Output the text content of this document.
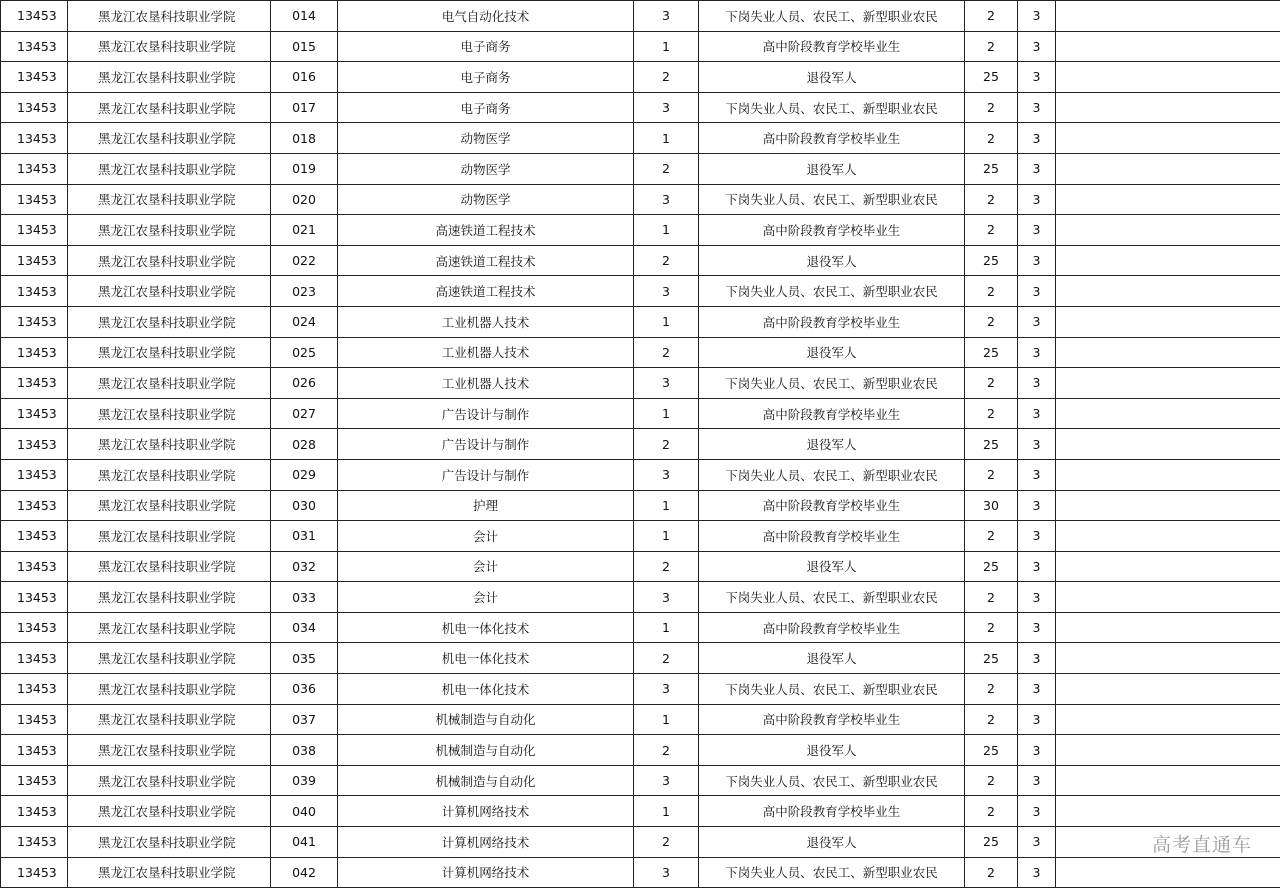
13453	黑龙江农垦科技职业学院	014	电气自动化技术	3	下岗失业人员、农民工、新型职业农民	2	3	
13453	黑龙江农垦科技职业学院	015	电子商务	1	高中阶段教育学校毕业生	2	3	
13453	黑龙江农垦科技职业学院	016	电子商务	2	退役军人	25	3	
13453	黑龙江农垦科技职业学院	017	电子商务	3	下岗失业人员、农民工、新型职业农民	2	3	
13453	黑龙江农垦科技职业学院	018	动物医学	1	高中阶段教育学校毕业生	2	3	
13453	黑龙江农垦科技职业学院	019	动物医学	2	退役军人	25	3	
13453	黑龙江农垦科技职业学院	020	动物医学	3	下岗失业人员、农民工、新型职业农民	2	3	
13453	黑龙江农垦科技职业学院	021	高速铁道工程技术	1	高中阶段教育学校毕业生	2	3	
13453	黑龙江农垦科技职业学院	022	高速铁道工程技术	2	退役军人	25	3	
13453	黑龙江农垦科技职业学院	023	高速铁道工程技术	3	下岗失业人员、农民工、新型职业农民	2	3	
13453	黑龙江农垦科技职业学院	024	工业机器人技术	1	高中阶段教育学校毕业生	2	3	
13453	黑龙江农垦科技职业学院	025	工业机器人技术	2	退役军人	25	3	
13453	黑龙江农垦科技职业学院	026	工业机器人技术	3	下岗失业人员、农民工、新型职业农民	2	3	
13453	黑龙江农垦科技职业学院	027	广告设计与制作	1	高中阶段教育学校毕业生	2	3	
13453	黑龙江农垦科技职业学院	028	广告设计与制作	2	退役军人	25	3	
13453	黑龙江农垦科技职业学院	029	广告设计与制作	3	下岗失业人员、农民工、新型职业农民	2	3	
13453	黑龙江农垦科技职业学院	030	护理	1	高中阶段教育学校毕业生	30	3	
13453	黑龙江农垦科技职业学院	031	会计	1	高中阶段教育学校毕业生	2	3	
13453	黑龙江农垦科技职业学院	032	会计	2	退役军人	25	3	
13453	黑龙江农垦科技职业学院	033	会计	3	下岗失业人员、农民工、新型职业农民	2	3	
13453	黑龙江农垦科技职业学院	034	机电一体化技术	1	高中阶段教育学校毕业生	2	3	
13453	黑龙江农垦科技职业学院	035	机电一体化技术	2	退役军人	25	3	
13453	黑龙江农垦科技职业学院	036	机电一体化技术	3	下岗失业人员、农民工、新型职业农民	2	3	
13453	黑龙江农垦科技职业学院	037	机械制造与自动化	1	高中阶段教育学校毕业生	2	3	
13453	黑龙江农垦科技职业学院	038	机械制造与自动化	2	退役军人	25	3	
13453	黑龙江农垦科技职业学院	039	机械制造与自动化	3	下岗失业人员、农民工、新型职业农民	2	3	
13453	黑龙江农垦科技职业学院	040	计算机网络技术	1	高中阶段教育学校毕业生	2	3	
13453	黑龙江农垦科技职业学院	041	计算机网络技术	2	退役军人	25	3	
13453	黑龙江农垦科技职业学院	042	计算机网络技术	3	下岗失业人员、农民工、新型职业农民	2	3	
高考直通车
